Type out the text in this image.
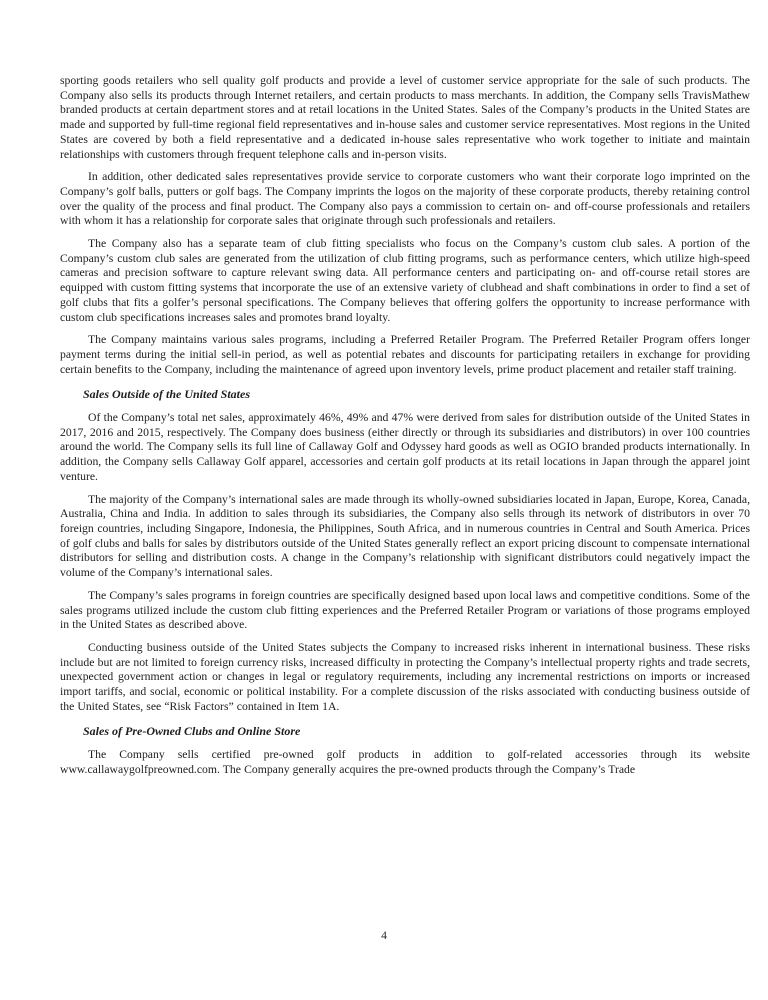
sporting goods retailers who sell quality golf products and provide a level of customer service appropriate for the sale of such products. The Company also sells its products through Internet retailers, and certain products to mass merchants. In addition, the Company sells TravisMathew branded products at certain department stores and at retail locations in the United States. Sales of the Company’s products in the United States are made and supported by full-time regional field representatives and in-house sales and customer service representatives. Most regions in the United States are covered by both a field representative and a dedicated in-house sales representative who work together to initiate and maintain relationships with customers through frequent telephone calls and in-person visits.

In addition, other dedicated sales representatives provide service to corporate customers who want their corporate logo imprinted on the Company’s golf balls, putters or golf bags. The Company imprints the logos on the majority of these corporate products, thereby retaining control over the quality of the process and final product. The Company also pays a commission to certain on- and off-course professionals and retailers with whom it has a relationship for corporate sales that originate through such professionals and retailers.

The Company also has a separate team of club fitting specialists who focus on the Company’s custom club sales. A portion of the Company’s custom club sales are generated from the utilization of club fitting programs, such as performance centers, which utilize high-speed cameras and precision software to capture relevant swing data. All performance centers and participating on- and off-course retail stores are equipped with custom fitting systems that incorporate the use of an extensive variety of clubhead and shaft combinations in order to find a set of golf clubs that fits a golfer’s personal specifications. The Company believes that offering golfers the opportunity to increase performance with custom club specifications increases sales and promotes brand loyalty.

The Company maintains various sales programs, including a Preferred Retailer Program. The Preferred Retailer Program offers longer payment terms during the initial sell-in period, as well as potential rebates and discounts for participating retailers in exchange for providing certain benefits to the Company, including the maintenance of agreed upon inventory levels, prime product placement and retailer staff training.

Sales Outside of the United States

Of the Company’s total net sales, approximately 46%, 49% and 47% were derived from sales for distribution outside of the United States in 2017, 2016 and 2015, respectively. The Company does business (either directly or through its subsidiaries and distributors) in over 100 countries around the world. The Company sells its full line of Callaway Golf and Odyssey hard goods as well as OGIO branded products internationally. In addition, the Company sells Callaway Golf apparel, accessories and certain golf products at its retail locations in Japan through the apparel joint venture.

The majority of the Company’s international sales are made through its wholly-owned subsidiaries located in Japan, Europe, Korea, Canada, Australia, China and India. In addition to sales through its subsidiaries, the Company also sells through its network of distributors in over 70 foreign countries, including Singapore, Indonesia, the Philippines, South Africa, and in numerous countries in Central and South America. Prices of golf clubs and balls for sales by distributors outside of the United States generally reflect an export pricing discount to compensate international distributors for selling and distribution costs. A change in the Company’s relationship with significant distributors could negatively impact the volume of the Company’s international sales.

The Company’s sales programs in foreign countries are specifically designed based upon local laws and competitive conditions. Some of the sales programs utilized include the custom club fitting experiences and the Preferred Retailer Program or variations of those programs employed in the United States as described above.

Conducting business outside of the United States subjects the Company to increased risks inherent in international business. These risks include but are not limited to foreign currency risks, increased difficulty in protecting the Company’s intellectual property rights and trade secrets, unexpected government action or changes in legal or regulatory requirements, including any incremental restrictions on imports or increased import tariffs, and social, economic or political instability. For a complete discussion of the risks associated with conducting business outside of the United States, see “Risk Factors” contained in Item 1A.

Sales of Pre-Owned Clubs and Online Store

The Company sells certified pre-owned golf products in addition to golf-related accessories through its website www.callawaygolfpreowned.com. The Company generally acquires the pre-owned products through the Company’s Trade

4
